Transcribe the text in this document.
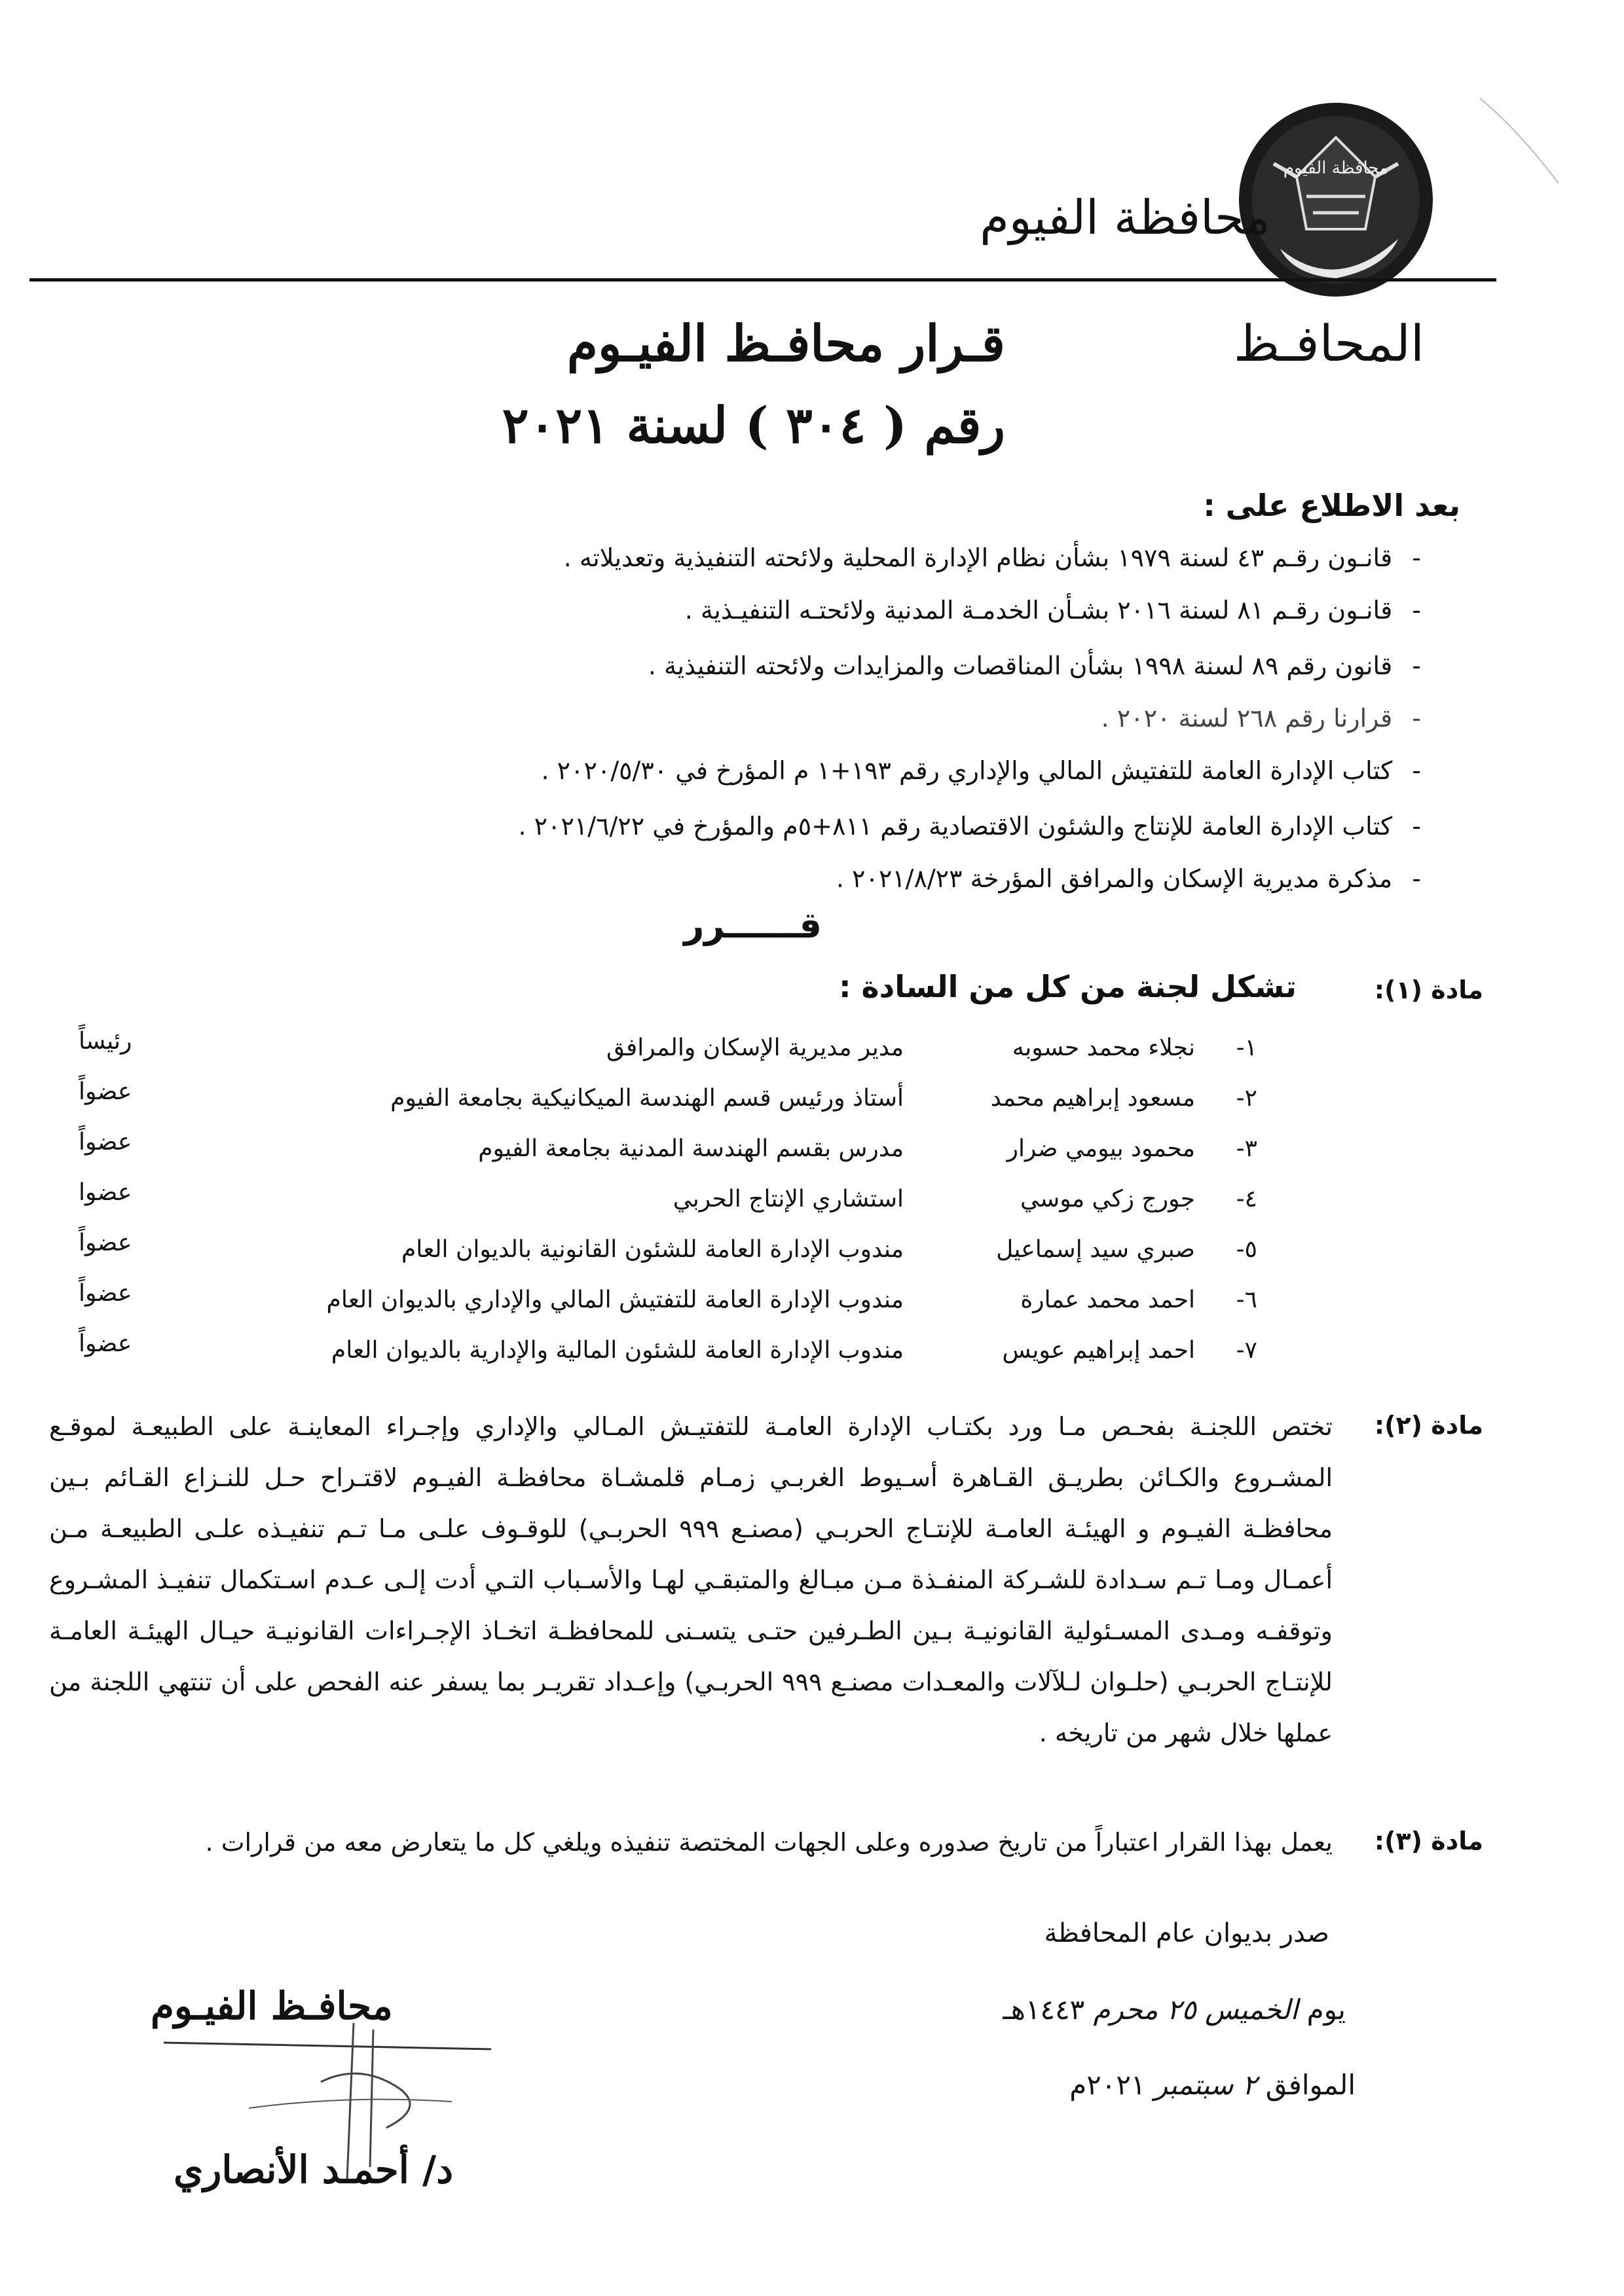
محافظة الفيوم
محافظة الفيوم
المحافـظ
قـرار محافـظ الفيـوم
رقم ( ٣٠٤ ) لسنة ٢٠٢١
بعد الاطلاع على :
-قانـون رقـم ٤٣ لسنة ١٩٧٩ بشأن نظام الإدارة المحلية ولائحته التنفيذية وتعديلاته .
-قانـون رقـم ٨١ لسنة ٢٠١٦ بشـأن الخدمـة المدنية ولائحتـه التنفيـذية .
-قانون رقم ٨٩ لسنة ١٩٩٨ بشأن المناقصات والمزايدات ولائحته التنفيذية .
-قرارنا رقم ٢٦٨ لسنة ٢٠٢٠ .
-كتاب الإدارة العامة للتفتيش المالي والإداري رقم ١٩٣+١ م المؤرخ في ٢٠٢٠/٥/٣٠ .
-كتاب الإدارة العامة للإنتاج والشئون الاقتصادية رقم ٨١١+٥م والمؤرخ في ٢٠٢١/٦/٢٢ .
-مذكرة مديرية الإسكان والمرافق المؤرخة ٢٠٢١/٨/٢٣ .
قــــــرر
مادة (١):
تشكل لجنة من كل من السادة :
١-
نجلاء محمد حسوبه
مدير مديرية الإسكان والمرافق
رئيساً
٢-
مسعود إبراهيم محمد
أستاذ ورئيس قسم الهندسة الميكانيكية بجامعة الفيوم
عضواً
٣-
محمود بيومي ضرار
مدرس بقسم الهندسة المدنية بجامعة الفيوم
عضواً
٤-
جورج زكي موسي
استشاري الإنتاج الحربي
عضوا
٥-
صبري سيد إسماعيل
مندوب الإدارة العامة للشئون القانونية بالديوان العام
عضواً
٦-
احمد محمد عمارة
مندوب الإدارة العامة للتفتيش المالي والإداري بالديوان العام
عضواً
٧-
احمد إبراهيم عويس
مندوب الإدارة العامة للشئون المالية والإدارية بالديوان العام
عضواً
مادة (٢):
تختص اللجنـة بفحـص مـا ورد بكتـاب الإدارة العامـة للتفتيـش المـالي والإداري وإجـراء المعاينـة على الطبيعـة لموقـع المشـروع والكـائن بطريـق القـاهرة أسـيوط الغربـي زمـام قلمشـاة محافظـة الفيـوم لاقتـراح حـل للنـزاع القـائم بـين محافظـة الفيـوم و الهيئـة العامـة للإنتـاج الحربـي (مصنـع ٩٩٩ الحربـي) للوقـوف علـى مـا تـم تنفيـذه علـى الطبيعـة مـن أعمـال ومـا تـم سـدادة للشـركة المنفـذة مـن مبـالغ والمتبقـي لهـا والأسـباب التـي أدت إلـى عـدم اسـتكمال تنفيـذ المشـروع وتوقفـه ومـدى المسـئولية القانونيـة بـين الطـرفين حتـى يتسـنى للمحافظـة اتخـاذ الإجـراءات القانونيـة حيـال الهيئـة العامـة للإنتـاج الحربـي (حلـوان لـلآلات والمعـدات مصنـع ٩٩٩ الحربـي) وإعـداد تقريـر بما يسفر عنه الفحص على أن تنتهي اللجنة من عملها خلال شهر من تاريخه .
مادة (٣):
يعمل بهذا القرار اعتباراً من تاريخ صدوره وعلى الجهات المختصة تنفيذه ويلغي كل ما يتعارض معه من قرارات .
صدر بديوان عام المحافظة
يوم الخميس ٢٥ محرم ١٤٤٣هـ
الموافق ٢ سبتمبر ٢٠٢١م
محافـظ الفيـوم
د/ أحمـد الأنصاري
